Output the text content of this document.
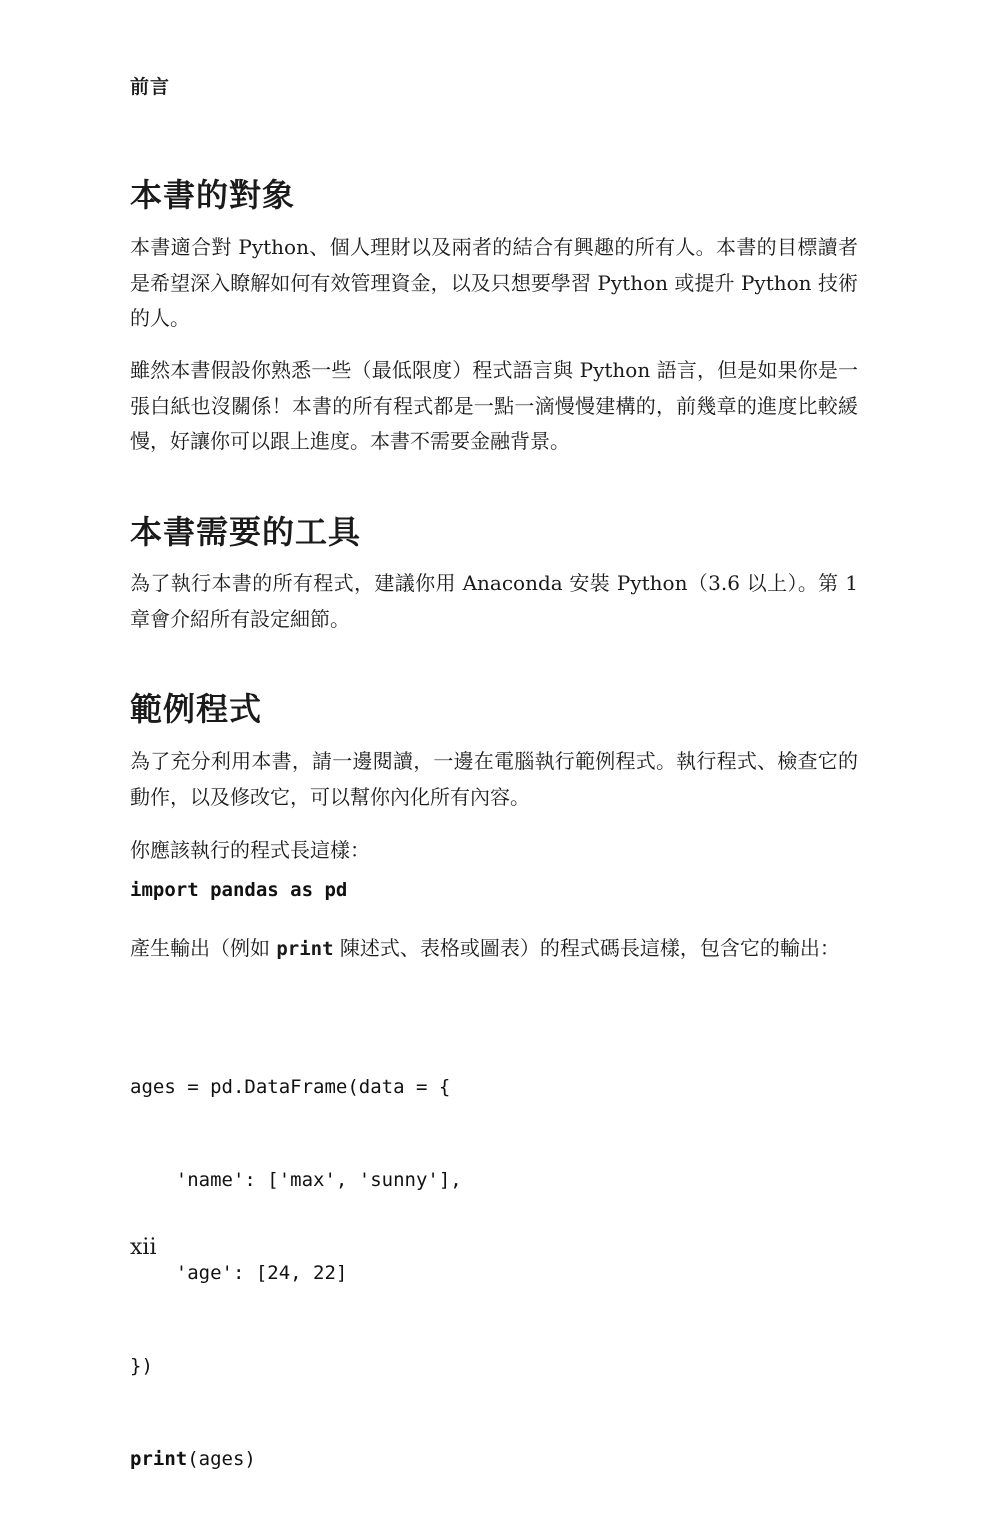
前言
本書的對象

本書適合對 Python、個人理財以及兩者的結合有興趣的所有人。本書的目標讀者是希望深入瞭解如何有效管理資金，以及只想要學習 Python 或提升 Python 技術的人。

雖然本書假設你熟悉一些（最低限度）程式語言與 Python 語言，但是如果你是一張白紙也沒關係！本書的所有程式都是一點一滴慢慢建構的，前幾章的進度比較緩慢，好讓你可以跟上進度。本書不需要金融背景。

本書需要的工具

為了執行本書的所有程式，建議你用 Anaconda 安裝 Python（3.6 以上）。第 1 章會介紹所有設定細節。

範例程式

為了充分利用本書，請一邊閱讀，一邊在電腦執行範例程式。執行程式、檢查它的動作，以及修改它，可以幫你內化所有內容。

你應該執行的程式長這樣：

import pandas as pd

產生輸出（例如 print 陳述式、表格或圖表）的程式碼長這樣，包含它的輸出：

ages = pd.DataFrame(data = {

'name': ['max', 'sunny'],

'age': [24, 22]

})

print(ages)

xii
